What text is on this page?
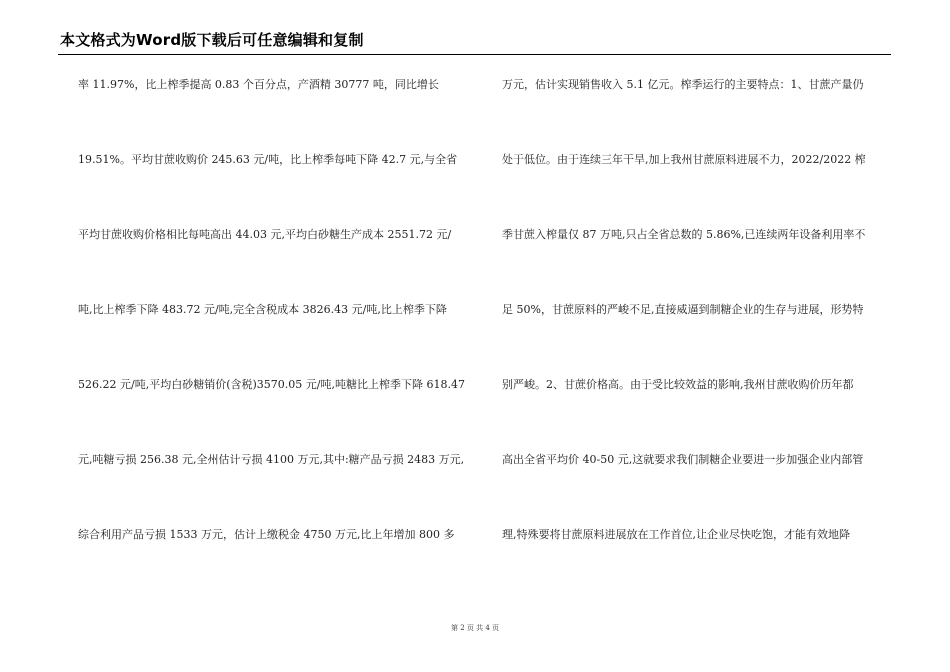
本文格式为Word版下载后可任意编辑和复制
率 11.97%，比上榨季提高 0.83 个百分点，产酒精 30777 吨，同比增长
19.51%。平均甘蔗收购价 245.63 元/吨，比上榨季每吨下降 42.7 元,与全省
平均甘蔗收购价格相比每吨高出 44.03 元,平均白砂糖生产成本 2551.72 元/
吨,比上榨季下降 483.72 元/吨,完全含税成本 3826.43 元/吨,比上榨季下降
526.22 元/吨,平均白砂糖销价(含税)3570.05 元/吨,吨糖比上榨季下降 618.47
元,吨糖亏损 256.38 元,全州估计亏损 4100 万元,其中:糖产品亏损 2483 万元,
综合利用产品亏损 1533 万元，估计上缴税金 4750 万元,比上年增加 800 多
万元，估计实现销售收入 5.1 亿元。榨季运行的主要特点：1、甘蔗产量仍
处于低位。由于连续三年干旱,加上我州甘蔗原料进展不力，2022/2022 榨
季甘蔗入榨量仅 87 万吨,只占全省总数的 5.86%,已连续两年设备利用率不
足 50%，甘蔗原料的严峻不足,直接威逼到制糖企业的生存与进展，形势特
别严峻。2、甘蔗价格高。由于受比较效益的影响,我州甘蔗收购价历年都
高出全省平均价 40-50 元,这就要求我们制糖企业要进一步加强企业内部管
理,特殊要将甘蔗原料进展放在工作首位,让企业尽快吃饱，才能有效地降
第 2 页 共 4 页
